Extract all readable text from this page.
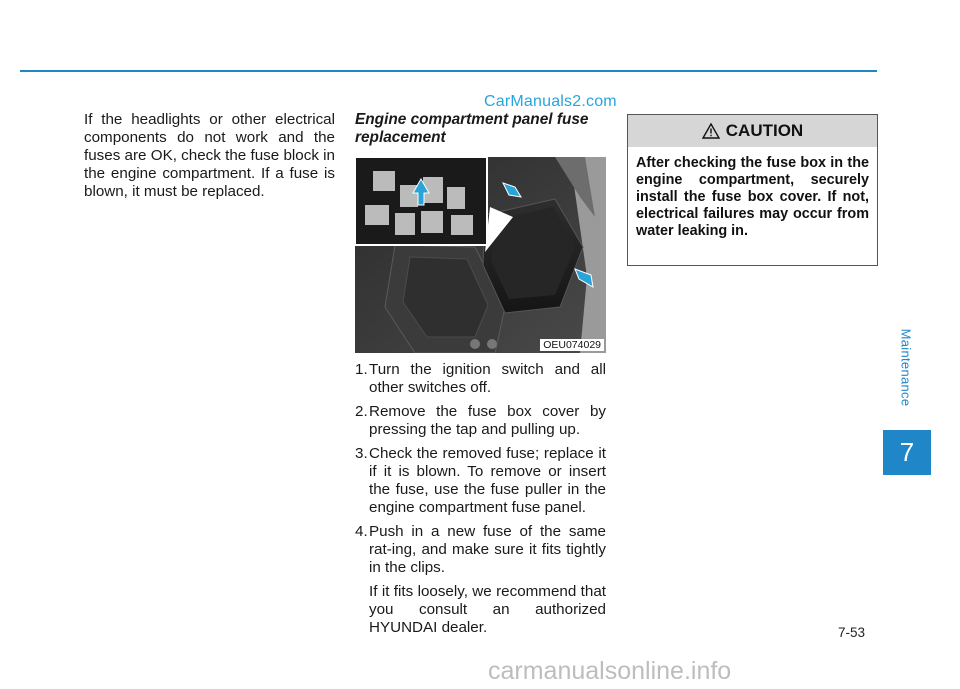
CarManuals2.com
If the headlights or other electrical components do not work and the fuses are OK, check the fuse block in the engine compartment. If a fuse is blown, it must be replaced.
Engine compartment panel fuse replacement
OEU074029
1. Turn the ignition switch and all other switches off.
2. Remove the fuse box cover by pressing the tap and pulling up.
3. Check the removed fuse; replace it if it is blown. To remove or insert the fuse, use the fuse puller in the engine compartment fuse panel.
4. Push in a new fuse of the same rat-ing, and make sure it fits tightly in the clips.
If it fits loosely, we recommend that you consult an authorized HYUNDAI dealer.
CAUTION
After checking the fuse box in the engine compartment, securely install the fuse box cover. If not, electrical failures may occur from water leaking in.
Maintenance
7
7-53
carmanualsonline.info
